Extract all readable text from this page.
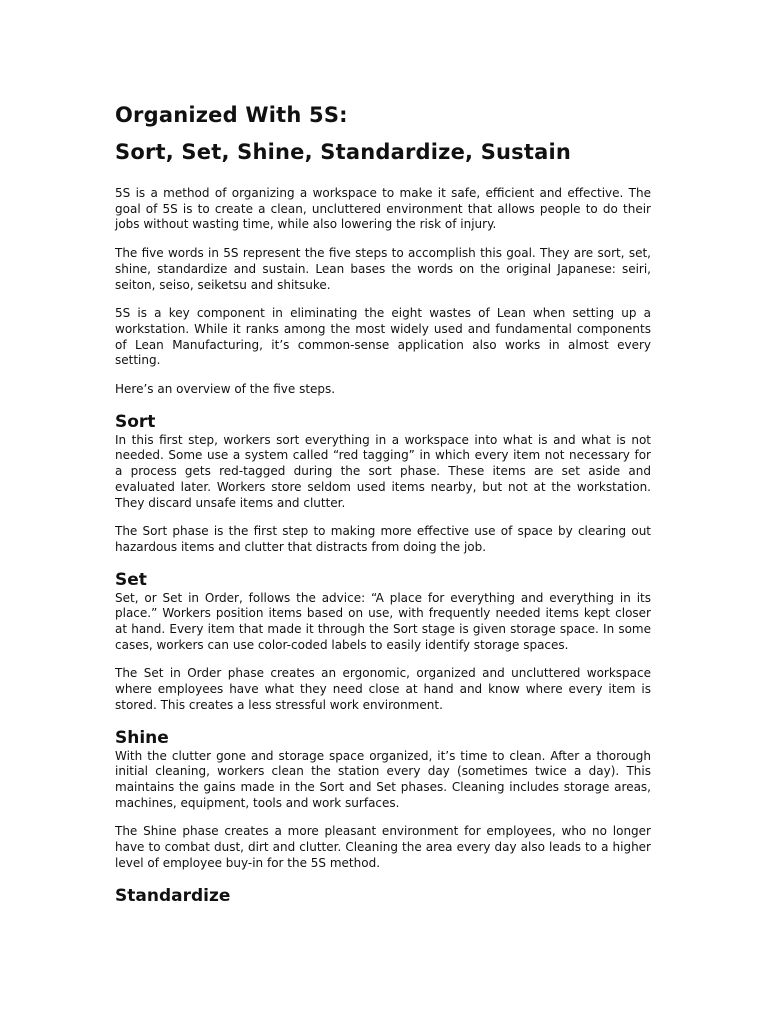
Organized With 5S:
Sort, Set, Shine, Standardize, Sustain

5S is a method of organizing a workspace to make it safe, efficient and effective. The goal of 5S is to create a clean, uncluttered environment that allows people to do their jobs without wasting time, while also lowering the risk of injury.

The five words in 5S represent the five steps to accomplish this goal. They are sort, set, shine, standardize and sustain. Lean bases the words on the original Japanese: seiri, seiton, seiso, seiketsu and shitsuke.

5S is a key component in eliminating the eight wastes of Lean when setting up a workstation. While it ranks among the most widely used and fundamental components of Lean Manufacturing, it’s common-sense application also works in almost every setting.

Here’s an overview of the five steps.

Sort

In this first step, workers sort everything in a workspace into what is and what is not needed. Some use a system called “red tagging” in which every item not necessary for a process gets red-tagged during the sort phase. These items are set aside and evaluated later. Workers store seldom used items nearby, but not at the workstation. They discard unsafe items and clutter.

The Sort phase is the first step to making more effective use of space by clearing out hazardous items and clutter that distracts from doing the job.

Set

Set, or Set in Order, follows the advice: “A place for everything and everything in its place.” Workers position items based on use, with frequently needed items kept closer at hand. Every item that made it through the Sort stage is given storage space. In some cases, workers can use color-coded labels to easily identify storage spaces.

The Set in Order phase creates an ergonomic, organized and uncluttered workspace where employees have what they need close at hand and know where every item is stored. This creates a less stressful work environment.

Shine

With the clutter gone and storage space organized, it’s time to clean. After a thorough initial cleaning, workers clean the station every day (sometimes twice a day). This maintains the gains made in the Sort and Set phases. Cleaning includes storage areas, machines, equipment, tools and work surfaces.

The Shine phase creates a more pleasant environment for employees, who no longer have to combat dust, dirt and clutter. Cleaning the area every day also leads to a higher level of employee buy-in for the 5S method.

Standardize
